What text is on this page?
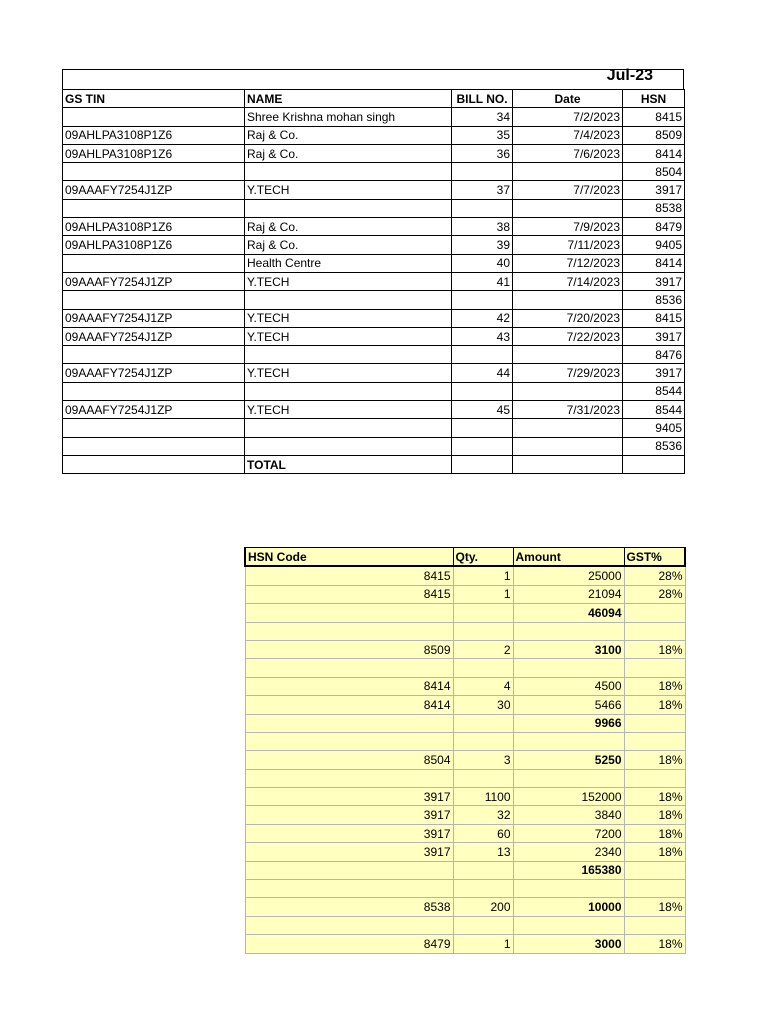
Jul-23
GS TIN	NAME	BILL NO.	Date	HSN
	Shree Krishna mohan singh	34	7/2/2023	8415
09AHLPA3108P1Z6	Raj & Co.	35	7/4/2023	8509
09AHLPA3108P1Z6	Raj & Co.	36	7/6/2023	8414
				8504
09AAAFY7254J1ZP	Y.TECH	37	7/7/2023	3917
				8538
09AHLPA3108P1Z6	Raj & Co.	38	7/9/2023	8479
09AHLPA3108P1Z6	Raj & Co.	39	7/11/2023	9405
	Health Centre	40	7/12/2023	8414
09AAAFY7254J1ZP	Y.TECH	41	7/14/2023	3917
				8536
09AAAFY7254J1ZP	Y.TECH	42	7/20/2023	8415
09AAAFY7254J1ZP	Y.TECH	43	7/22/2023	3917
				8476
09AAAFY7254J1ZP	Y.TECH	44	7/29/2023	3917
				8544
09AAAFY7254J1ZP	Y.TECH	45	7/31/2023	8544
				9405
				8536
	TOTAL			
HSN Code	Qty.	Amount	GST%
8415	1	25000	28%
8415	1	21094	28%
		46094	

8509	2	3100	18%

8414	4	4500	18%
8414	30	5466	18%
		9966	

8504	3	5250	18%

3917	1100	152000	18%
3917	32	3840	18%
3917	60	7200	18%
3917	13	2340	18%
		165380	

8538	200	10000	18%

8479	1	3000	18%
